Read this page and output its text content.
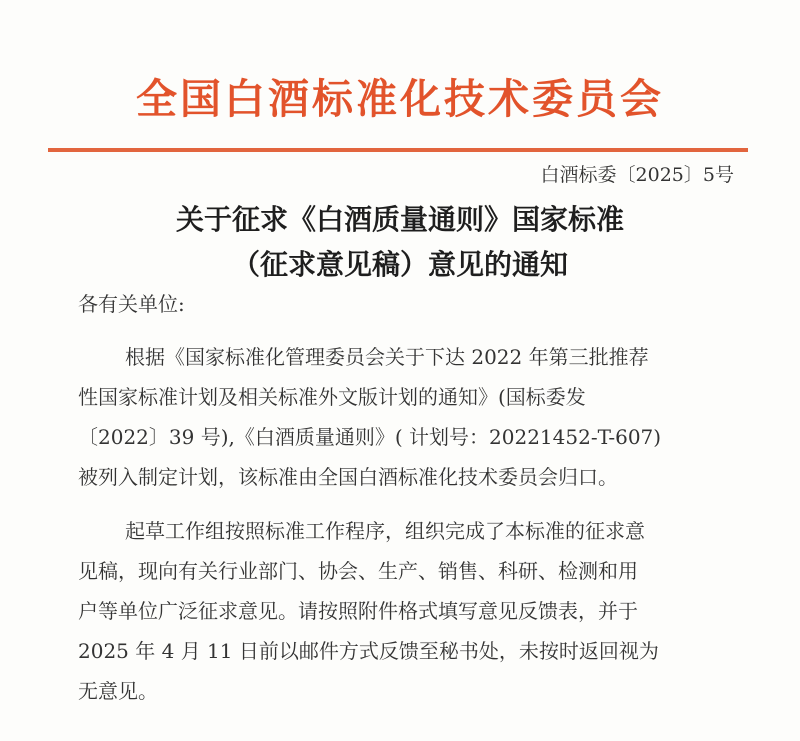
全国白酒标准化技术委员会
白酒标委〔2025〕5号
关于征求《白酒质量通则》国家标准
（征求意见稿）意见的通知
各有关单位:
根据《国家标准化管理委员会关于下达 2022 年第三批推荐
性国家标准计划及相关标准外文版计划的通知》(国标委发
〔2022〕39 号),《白酒质量通则》( 计划号：20221452-T-607)
被列入制定计划，该标准由全国白酒标准化技术委员会归口。
起草工作组按照标准工作程序，组织完成了本标准的征求意
见稿，现向有关行业部门、协会、生产、销售、科研、检测和用
户等单位广泛征求意见。请按照附件格式填写意见反馈表，并于
2025 年 4 月 11 日前以邮件方式反馈至秘书处，未按时返回视为
无意见。
